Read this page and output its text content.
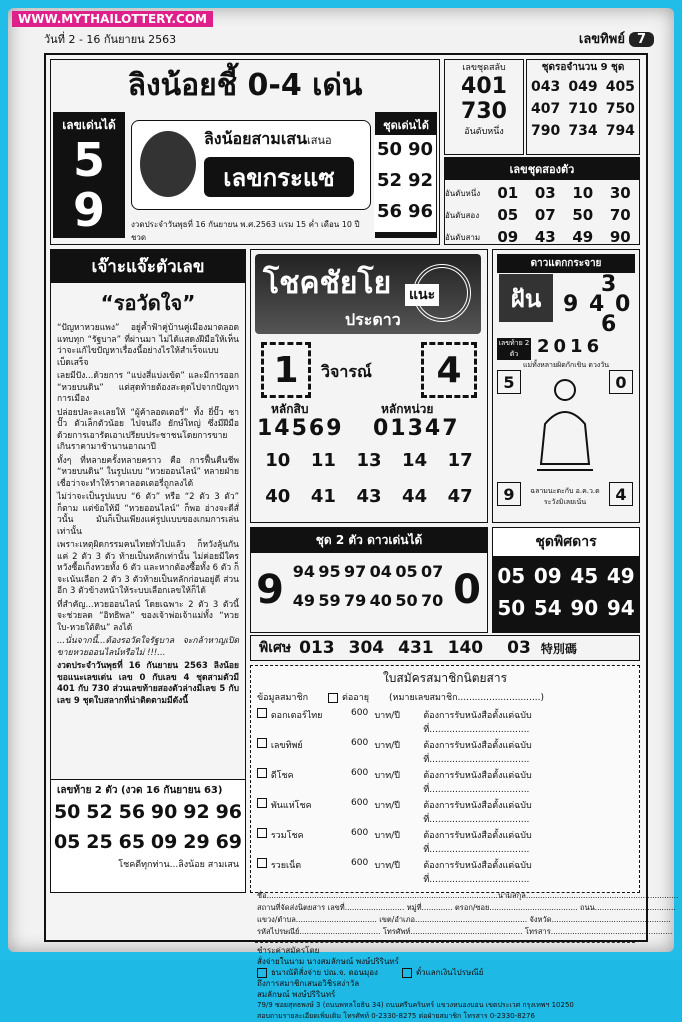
WWW.MYTHAILOTTERY.COM
วันที่ 2 - 16 กันยายน 2563	เลขทิพย์ 7
ลิงน้อยชี้ 0-4 เด่น
เลขเด่นได้
5
9
ลิงน้อยสามเสนเสนอ
เลขกระแซ
งวดประจำวันพุธที่ 16 กันยายน พ.ศ.2563 แรม 15 ค่ำ เดือน 10 ปีชวด
ชุดเด่นได้
50 90
52 92
56 96
เลขชุดสลับ
401
730
อันดับหนึ่ง
ชุดรอจำนวน 9 ชุด
043 049 405
407 710 750
790 734 794
เลขชุดสองตัว
อันดับหนึ่ง	01 03 10 30
อันดับสอง	05 07 50 70
อันดับสาม	09 43 49 90
เจ๊าะแจ๊ะตัวเลข
“รอวัดใจ”

“ปัญหาหวยแพง” อยู่ค้ำฟ้าคู่บ้านคู่เมืองมาตลอด แทบทุก “รัฐบาล” ที่ผ่านมา ไม่ได้แสดงฝีมือให้เห็นว่าจะแก้ไขปัญหาเรื่องนี้อย่างไรให้สำเร็จแบบเบ็ดเสร็จ

เลยมีปัง...ด้วยการ “แบ่งสี่แบ่งเข้ต” และมีการออก “หวยบนดิน” แต่สุดท้ายต้องสะดุดไปจากปัญหาการเมือง

ปล่อยปละละเลยให้ “ผู้ค้าลอตเตอรี่” ทั้ง ยี่ปั๊ว ซาปั๊ว ตัวเล็กตัวน้อย ไปจนถึง ยักษ์ใหญ่ ซึ่งมีฝีมือ ด้วยการเอารัดเอาเปรียบประชาชนโดยการขายเกินราคามาช้านานอาณาปี

ทั้งๆ ที่หลายครั้งหลายคราว คือ การฟื้นคืนชีพ “หวยบนดิน” ในรูปแบบ “หวยออนไลน์” หลายฝ่ายเชื่อว่าจะทำให้ราคาลอตเตอรี่ถูกลงได้

ไม่ว่าจะเป็นรูปแบบ “6 ตัว” หรือ “2 ตัว 3 ตัว” ก็ตาม แต่ข้อให้มี “หวยออนไลน์” ก็พอ อ่างจะดีสั่วนั้น มันก็เป็นเพียงแค่รูปแบบของเกมการเล่นเท่านั้น

เพราะเหตุผิดกรรมคนไทยทั่วไปแล้ว ก็หวังลุ้นกันแค่ 2 ตัว 3 ตัว ท้ายเป็นหลักเท่านั้น ไม่ค่อยมีใครหวังซื้อเก็งหวยทั้ง 6 ตัว และหากต้องซื้อทั้ง 6 ตัว ก็จะเน้นเลือก 2 ตัว 3 ตัวท้ายเป็นหลักก่อนอยู่ดี ส่วนอีก 3 ตัวข้างหน้าให้ระบบเลือกเลขให้ก็ได้

ที่สำคัญ...หวยออนไลน์ โดยเฉพาะ 2 ตัว 3 ตัวนี้ จะช่วยลด “อิทธิพล” ของเจ้าพ่อเจ้าแม่ทั้ง “หวยใบ-หวยใต้ดิน” ลงได้

...นั่นจากนี้...ต้องรอวัดใจรัฐบาล จะกล้าหาญเปิดขายหวยออนไลน์หรือไม่ !!!...

งวดประจำวันพุธที่ 16 กันยายน 2563 ลิงน้อย ขอแนะเลขเด่น เลข 0 กับเลข 4 ชุดสามตัวมี 401 กับ 730 ส่วนเลขท้ายสองตัวล่างมีเลข 5 กับเลข 9 ชุดใบสลากที่น่าติดตามมีดังนี้

เลขท้าย 2 ตัว (งวด 16 กันยายน 63)
50 52 56 90 92 96
05 25 65 09 29 69
โชคดีทุกท่าน...ลิงน้อย สามเสน
โชคชัยโย แนะ
ประดาว
1	วิจารณ์	4
หลักสิบ	หลักหน่วย
14569 01347
10 11 13 14 17
40 41 43 44 47
ดาวแตกกระจาย
ฝัน	3
9 4 0
6
เลขท้าย 2 ตัว	2016
แม่ทั้งหลายผิดกักเขิน ดวงวัน
5	0
9	4
ฉลามนะตะกับ อ.ค.ว.ด ระวังมิเลยเน้น
ชุด 2 ตัว ดาวเด่นได้
9 94 95 97 04 05 07
49 59 79 40 50 70 0
ชุดพิศดาร
05 09 45 49
50 54 90 94
พิเศษ 013 304 431 140 03 特別碼
ใบสมัครสมาชิกนิตยสาร
ข้อมูลสมาชิก	ต่ออายุ (หมายเลขสมาชิก.............................)
ดอกเตอร์ไทย	600 บาท/ปี	ต้องการรับหนังสือตั้งแต่ฉบับที่...................................
เลขทิพย์	600 บาท/ปี	ต้องการรับหนังสือตั้งแต่ฉบับที่...................................
ดีโชค	600 บาท/ปี	ต้องการรับหนังสือตั้งแต่ฉบับที่...................................
พันแห่โชค	600 บาท/ปี	ต้องการรับหนังสือตั้งแต่ฉบับที่...................................
รวมโชค	600 บาท/ปี	ต้องการรับหนังสือตั้งแต่ฉบับที่...................................
รวยเน็ต	600 บาท/ปี	ต้องการรับหนังสือตั้งแต่ฉบับที่...................................
ชื่อ.................................................................................................นามสกุล................................................................
สถานที่จัดส่งนิตยสาร เลขที่......................... หมู่ที่............. ตรอก/ซอย..................................... ถนน..................................
แขวง/ตำบล.................................. เขต/อำเภอ............................................... จังหวัด..................................................
รหัสไปรษณีย์.................................. โทรศัพท์............................................... โทรสาร...................................................
ชำระค่าสมัครโดย
สั่งจ่ายในนาม นางสมลักษณ์ พงษ์ปริรินทร์
ธนาณัติสั่งจ่าย ปณ.จ. ดอนมุอง	ตั๋วแลกเงินไปรษณีย์
ถึงการสมาชิกเสนอวิชิรสง่าวัล
สมลักษณ์ พงษ์ปริรินทร์
79/9 ซอยสุทธพงษ์ 3 (ถนนพหลโยธิน 34) ถนนศรีนครินทร์ แขวงหนองบอน เขตประเวศ กรุงเทพฯ 10250
สอบถามรายละเอียดเพิ่มเติม โทรศัพท์ 0-2330-8275 ต่อฝ่ายสมาชิก โทรสาร 0-2330-8276
